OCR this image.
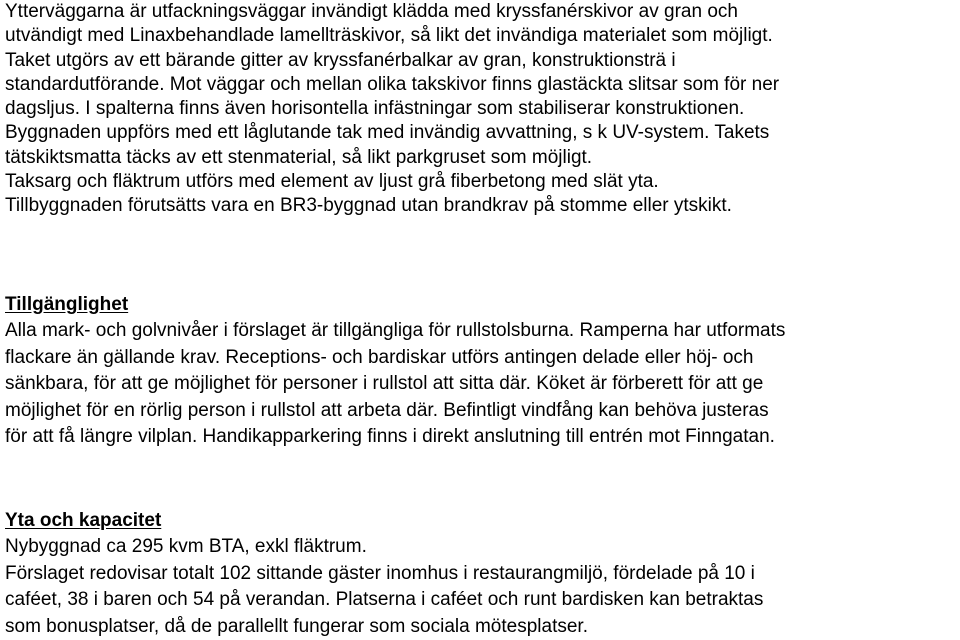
Ytterväggarna är utfackningsväggar invändigt klädda med kryssfanérskivor av gran och
utvändigt med Linaxbehandlade lamellträskivor, så likt det invändiga materialet som möjligt.
Taket utgörs av ett bärande gitter av kryssfanérbalkar av gran, konstruktionsträ i
standardutförande. Mot väggar och mellan olika takskivor finns glastäckta slitsar som för ner
dagsljus. I spalterna finns även horisontella infästningar som stabiliserar konstruktionen.
Byggnaden uppförs med ett låglutande tak med invändig avvattning, s k UV-system. Takets
tätskiktsmatta täcks av ett stenmaterial, så likt parkgruset som möjligt.
Taksarg och fläktrum utförs med element av ljust grå fiberbetong med slät yta.
Tillbyggnaden förutsätts vara en BR3-byggnad utan brandkrav på stomme eller ytskikt.

Tillgänglighet

Alla mark- och golvnivåer i förslaget är tillgängliga för rullstolsburna. Ramperna har utformats
flackare än gällande krav. Receptions- och bardiskar utförs antingen delade eller höj- och
sänkbara, för att ge möjlighet för personer i rullstol att sitta där. Köket är förberett för att ge
möjlighet för en rörlig person i rullstol att arbeta där. Befintligt vindfång kan behöva justeras
för att få längre vilplan. Handikapparkering finns i direkt anslutning till entrén mot Finngatan.

Yta och kapacitet

Nybyggnad ca 295 kvm BTA, exkl fläktrum.
Förslaget redovisar totalt 102 sittande gäster inomhus i restaurangmiljö, fördelade på 10 i
caféet, 38 i baren och 54 på verandan. Platserna i caféet och runt bardisken kan betraktas
som bonusplatser, då de parallellt fungerar som sociala mötesplatser.
